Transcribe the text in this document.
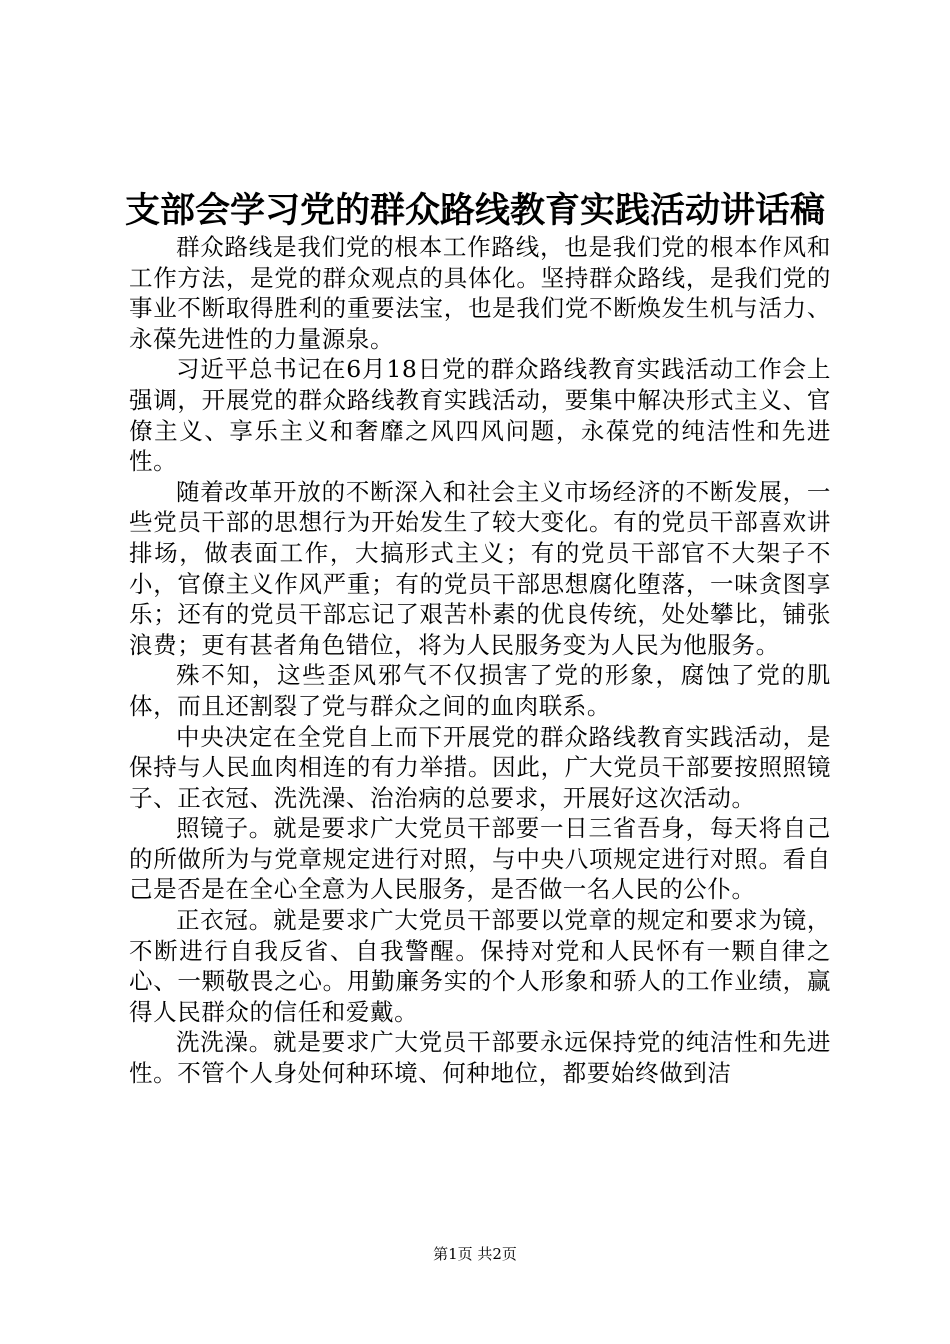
支部会学习党的群众路线教育实践活动讲话稿

群众路线是我们党的根本工作路线，也是我们党的根本作风和工作方法，是党的群众观点的具体化。坚持群众路线，是我们党的事业不断取得胜利的重要法宝，也是我们党不断焕发生机与活力、永葆先进性的力量源泉。

习近平总书记在6月18日党的群众路线教育实践活动工作会上强调，开展党的群众路线教育实践活动，要集中解决形式主义、官僚主义、享乐主义和奢靡之风四风问题，永葆党的纯洁性和先进性。

随着改革开放的不断深入和社会主义市场经济的不断发展，一些党员干部的思想行为开始发生了较大变化。有的党员干部喜欢讲排场，做表面工作，大搞形式主义；有的党员干部官不大架子不小，官僚主义作风严重；有的党员干部思想腐化堕落，一味贪图享乐；还有的党员干部忘记了艰苦朴素的优良传统，处处攀比，铺张浪费；更有甚者角色错位，将为人民服务变为人民为他服务。

殊不知，这些歪风邪气不仅损害了党的形象，腐蚀了党的肌体，而且还割裂了党与群众之间的血肉联系。

中央决定在全党自上而下开展党的群众路线教育实践活动，是保持与人民血肉相连的有力举措。因此，广大党员干部要按照照镜子、正衣冠、洗洗澡、治治病的总要求，开展好这次活动。

照镜子。就是要求广大党员干部要一日三省吾身，每天将自己的所做所为与党章规定进行对照，与中央八项规定进行对照。看自己是否是在全心全意为人民服务，是否做一名人民的公仆。

正衣冠。就是要求广大党员干部要以党章的规定和要求为镜，不断进行自我反省、自我警醒。保持对党和人民怀有一颗自律之心、一颗敬畏之心。用勤廉务实的个人形象和骄人的工作业绩，赢得人民群众的信任和爱戴。

洗洗澡。就是要求广大党员干部要永远保持党的纯洁性和先进性。不管个人身处何种环境、何种地位，都要始终做到洁

第1页 共2页
